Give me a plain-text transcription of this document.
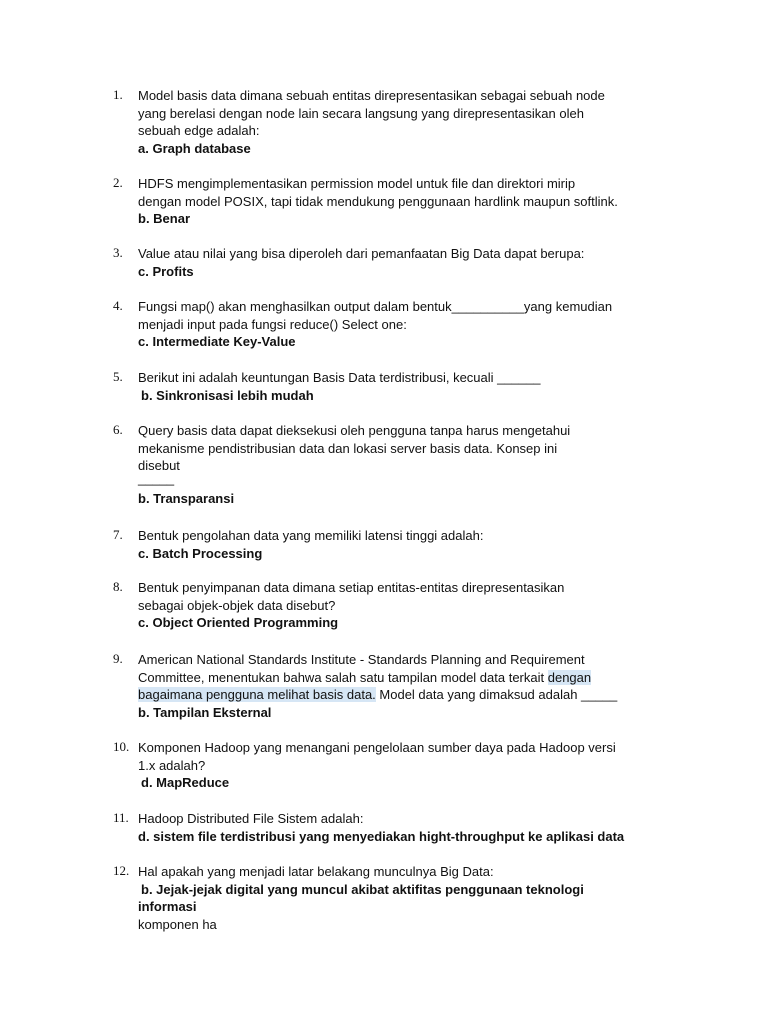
1. Model basis data dimana sebuah entitas direpresentasikan sebagai sebuah node
yang berelasi dengan node lain secara langsung yang direpresentasikan oleh
sebuah edge adalah:
a. Graph database
2. HDFS mengimplementasikan permission model untuk file dan direktori mirip
dengan model POSIX, tapi tidak mendukung penggunaan hardlink maupun softlink.
b. Benar
3. Value atau nilai yang bisa diperoleh dari pemanfaatan Big Data dapat berupa:
c. Profits
4. Fungsi map() akan menghasilkan output dalam bentuk__________yang kemudian
menjadi input pada fungsi reduce() Select one:
c. Intermediate Key-Value
5. Berikut ini adalah keuntungan Basis Data terdistribusi, kecuali ______
b. Sinkronisasi lebih mudah
6. Query basis data dapat dieksekusi oleh pengguna tanpa harus mengetahui
mekanisme pendistribusian data dan lokasi server basis data. Konsep ini
disebut
_____
b. Transparansi
7. Bentuk pengolahan data yang memiliki latensi tinggi adalah:
c. Batch Processing
8. Bentuk penyimpanan data dimana setiap entitas-entitas direpresentasikan
sebagai objek-objek data disebut?
c. Object Oriented Programming
9. American National Standards Institute - Standards Planning and Requirement
Committee, menentukan bahwa salah satu tampilan model data terkait dengan
bagaimana pengguna melihat basis data. Model data yang dimaksud adalah _____
b. Tampilan Eksternal
10. Komponen Hadoop yang menangani pengelolaan sumber daya pada Hadoop versi
1.x adalah?
d. MapReduce
11. Hadoop Distributed File Sistem adalah:
d. sistem file terdistribusi yang menyediakan hight-throughput ke aplikasi data
12. Hal apakah yang menjadi latar belakang munculnya Big Data:
b. Jejak-jejak digital yang muncul akibat aktifitas penggunaan teknologi
informasi
komponen ha
